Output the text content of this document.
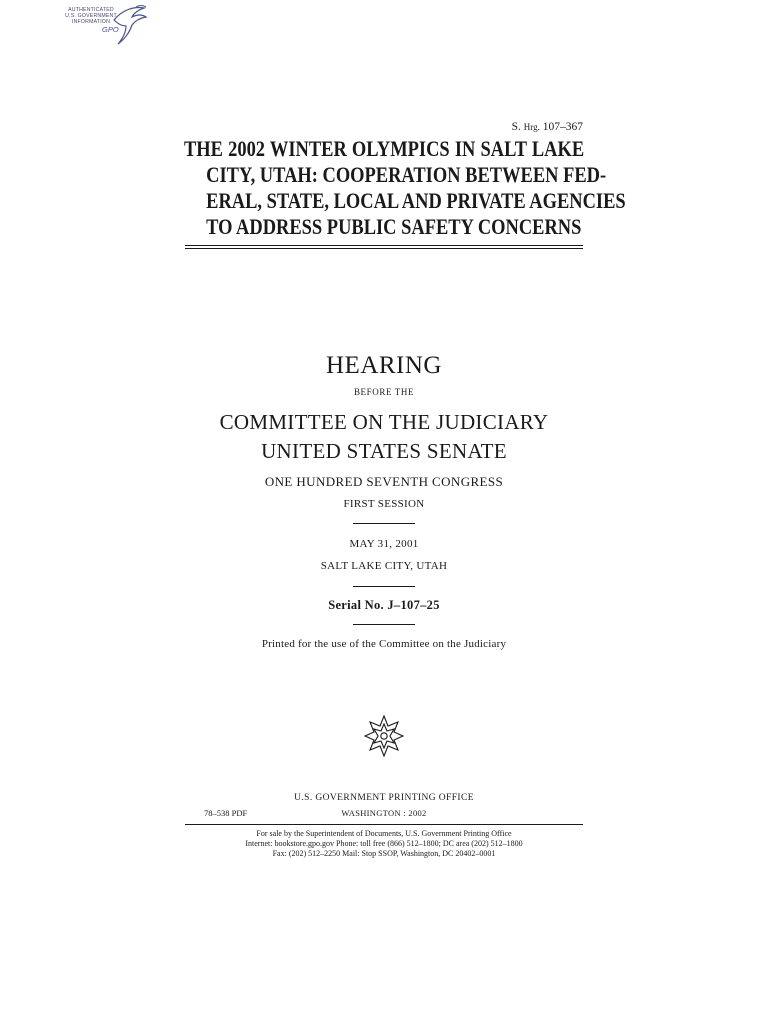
AUTHENTICATED
U.S. GOVERNMENT
INFORMATION
GPO
S. Hrg. 107–367
THE 2002 WINTER OLYMPICS IN SALT LAKE
CITY, UTAH: COOPERATION BETWEEN FED-
ERAL, STATE, LOCAL AND PRIVATE AGENCIES
TO ADDRESS PUBLIC SAFETY CONCERNS
HEARING
BEFORE THE
COMMITTEE ON THE JUDICIARY
UNITED STATES SENATE
ONE HUNDRED SEVENTH CONGRESS
FIRST SESSION
MAY 31, 2001
SALT LAKE CITY, UTAH
Serial No. J–107–25
Printed for the use of the Committee on the Judiciary
U.S. GOVERNMENT PRINTING OFFICE
78–538 PDF	WASHINGTON : 2002
For sale by the Superintendent of Documents, U.S. Government Printing Office
Internet: bookstore.gpo.gov Phone: toll free (866) 512–1800; DC area (202) 512–1800
Fax: (202) 512–2250 Mail: Stop SSOP, Washington, DC 20402–0001
